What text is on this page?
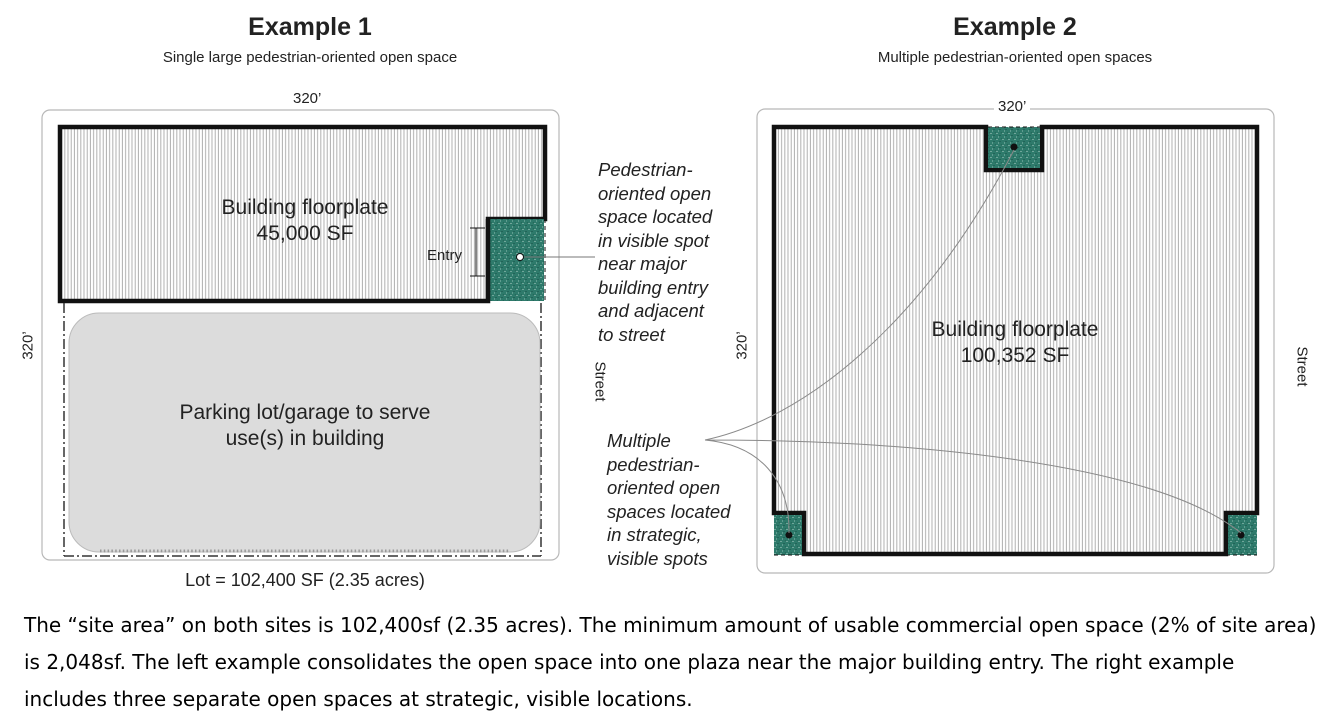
Example 1
Single large pedestrian-oriented open space
Example 2
Multiple pedestrian-oriented open spaces
320’
320’
Building floorplate
45,000 SF
Entry
Parking lot/garage to serve
use(s) in building
Lot = 102,400 SF (2.35 acres)
Street
Pedestrian-
oriented open
space located
in visible spot
near major
building entry
and adjacent
to street
320’
320’
Building floorplate
100,352 SF	Street
Multiple
pedestrian-
oriented open
spaces located
in strategic,
visible spots
The “site area” on both sites is 102,400sf (2.35 acres). The minimum amount of usable commercial open space (2% of site area) is 2,048sf. The left example consolidates the open space into one plaza near the major building entry. The right example includes three separate open spaces at strategic, visible locations.
